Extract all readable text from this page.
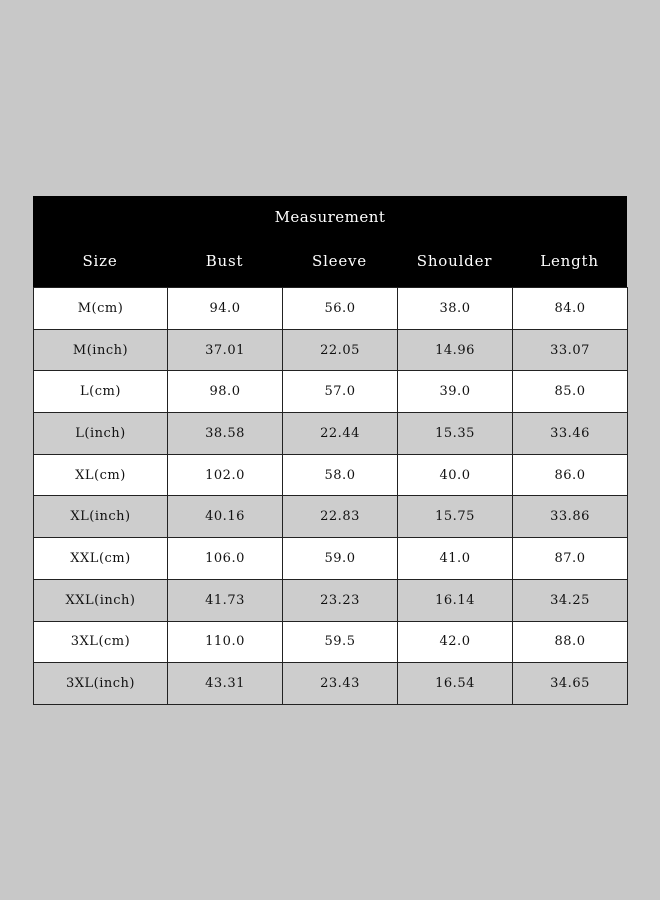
Measurement
Size	Bust	Sleeve	Shoulder	Length
M(cm)	94.0	56.0	38.0	84.0
M(inch)	37.01	22.05	14.96	33.07
L(cm)	98.0	57.0	39.0	85.0
L(inch)	38.58	22.44	15.35	33.46
XL(cm)	102.0	58.0	40.0	86.0
XL(inch)	40.16	22.83	15.75	33.86
XXL(cm)	106.0	59.0	41.0	87.0
XXL(inch)	41.73	23.23	16.14	34.25
3XL(cm)	110.0	59.5	42.0	88.0
3XL(inch)	43.31	23.43	16.54	34.65
